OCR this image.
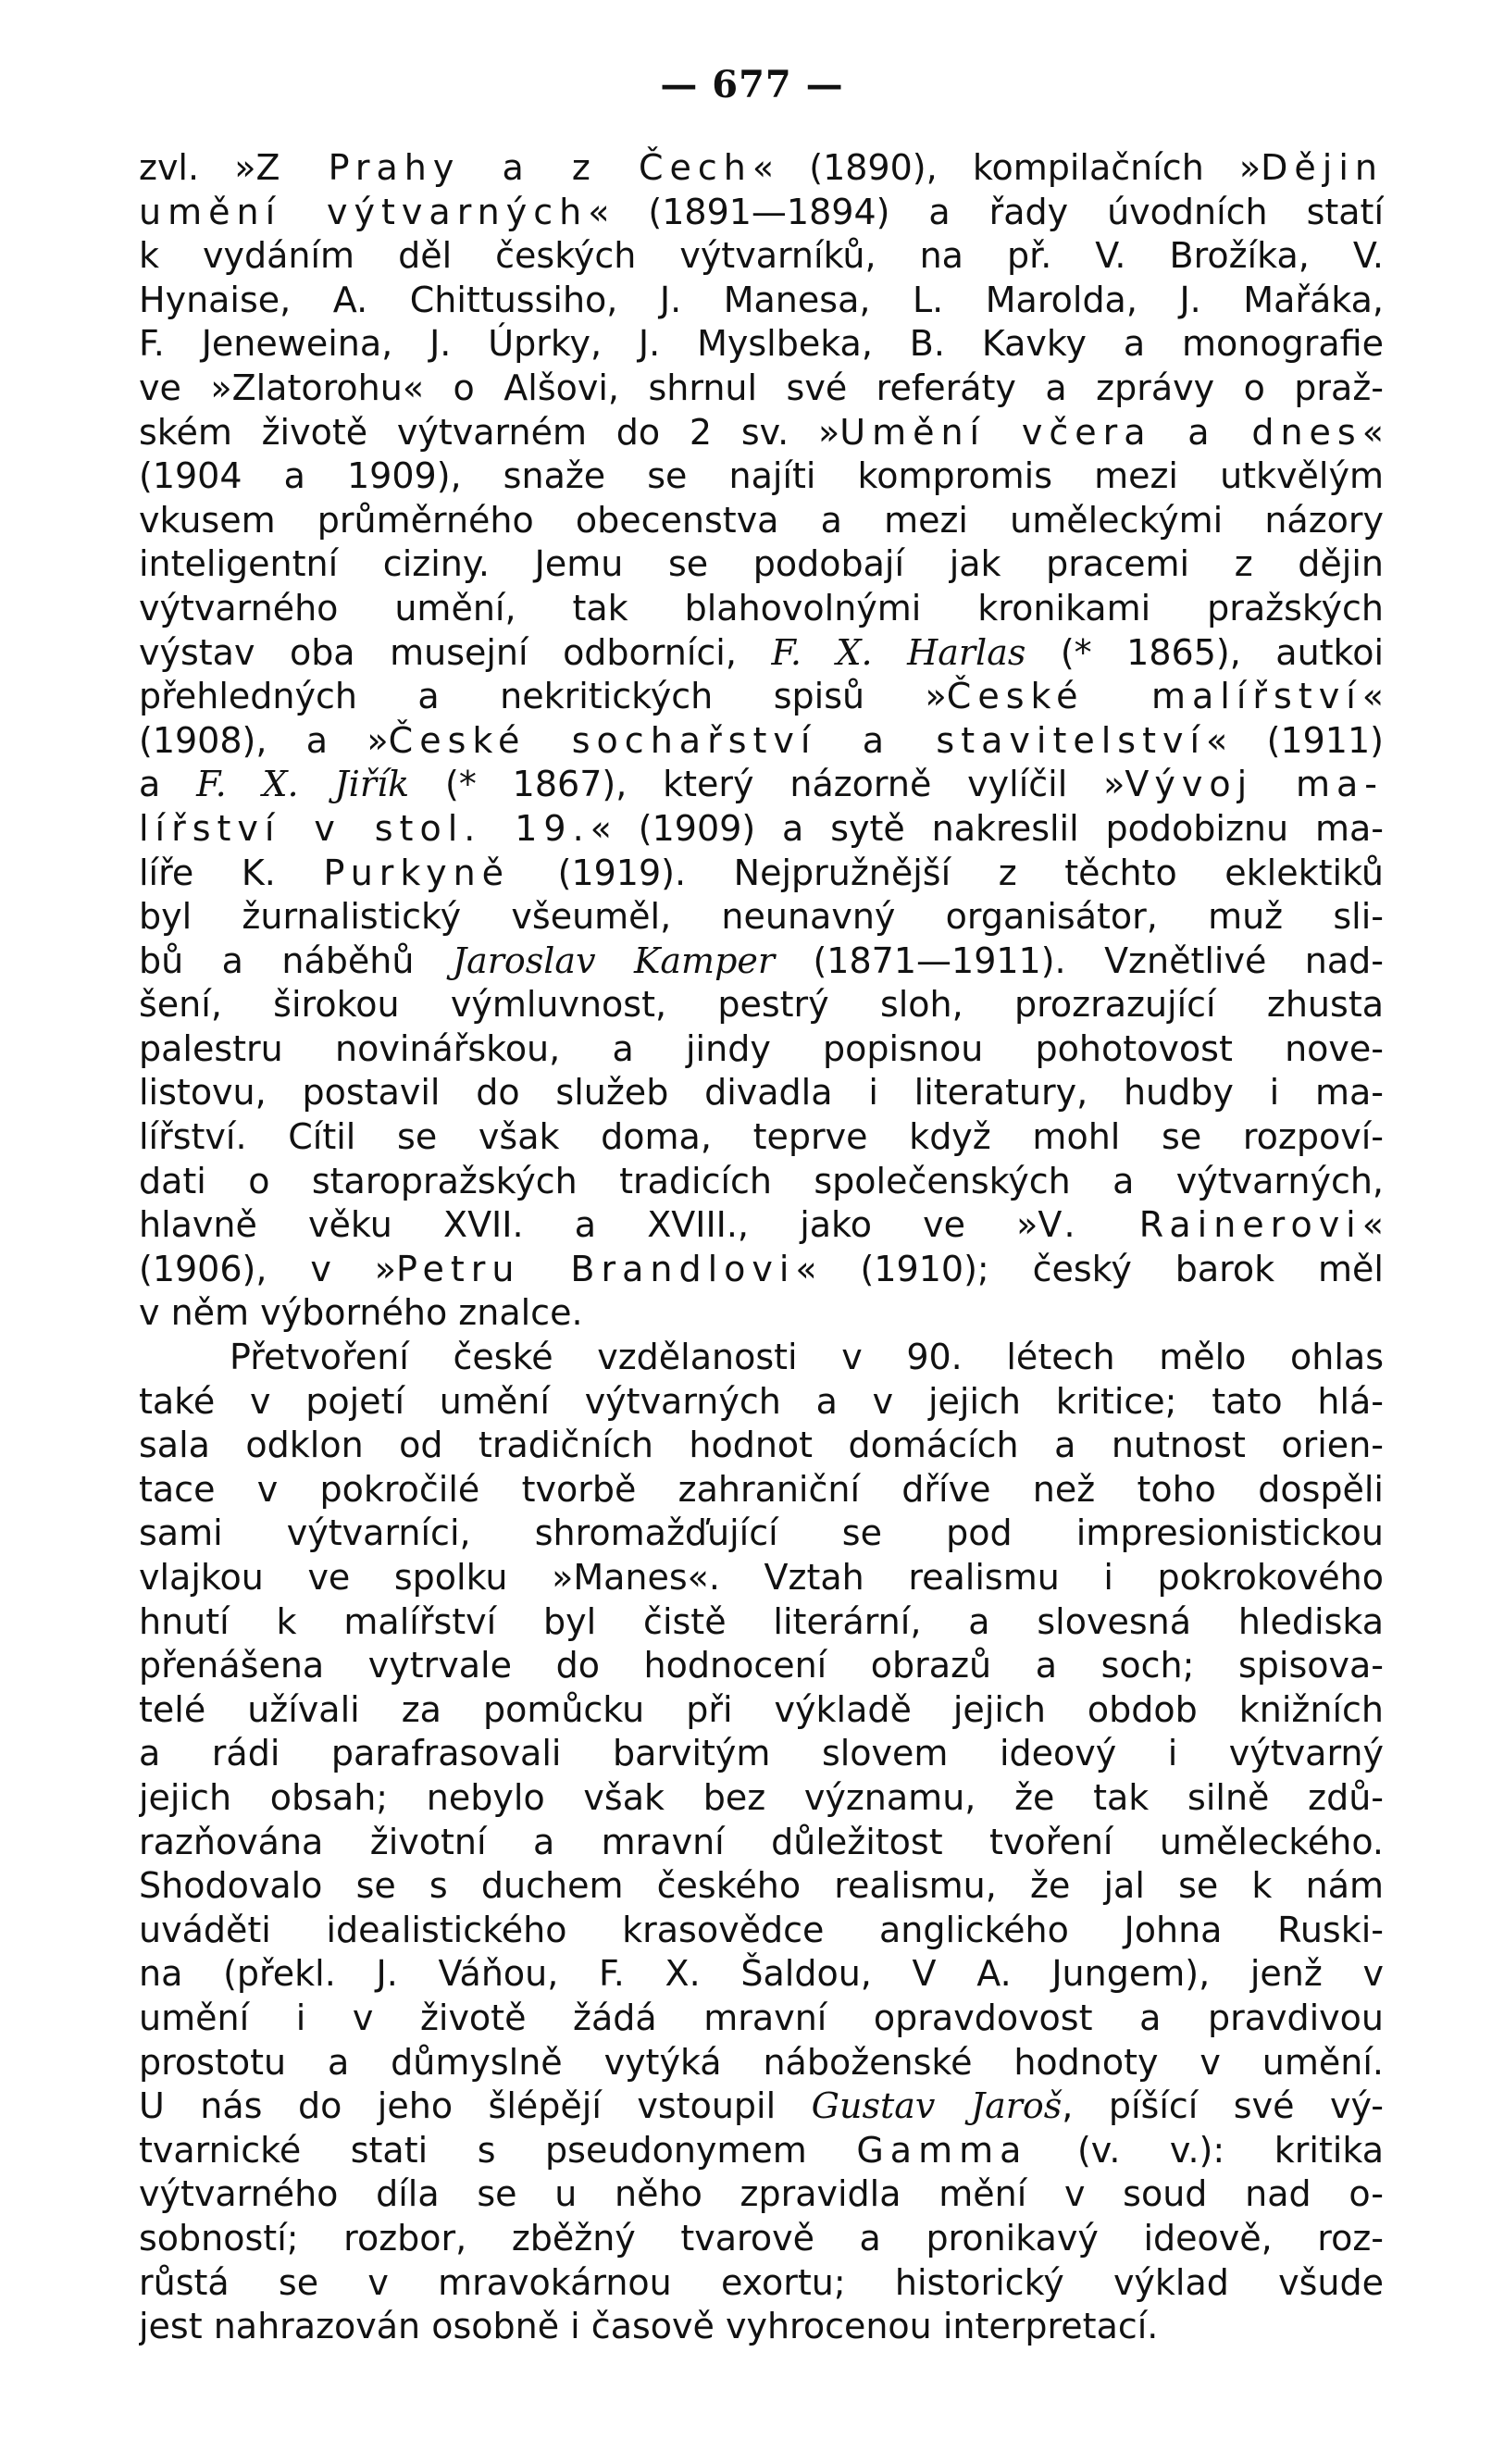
— 677 —
zvl. »Z Prahy a z Čech« (1890), kompilačních »Dějin
umění výtvarných« (1891—1894) a řady úvodních statí
k vydáním děl českých výtvarníků, na př. V. Brožíka, V.
Hynaise, A. Chittussiho, J. Manesa, L. Marolda, J. Mařáka,
F. Jeneweina, J. Úprky, J. Myslbeka, B. Kavky a monografie
ve »Zlatorohu« o Alšovi, shrnul své referáty a zprávy o praž-
ském životě výtvarném do 2 sv. »Umění včera a dnes«
(1904 a 1909), snaže se najíti kompromis mezi utkvělým
vkusem průměrného obecenstva a mezi uměleckými názory
inteligentní ciziny. Jemu se podobají jak pracemi z dějin
výtvarného umění, tak blahovolnými kronikami pražských
výstav oba musejní odborníci, F. X. Harlas (* 1865), autkoi
přehledných a nekritických spisů »České malířství«
(1908), a »České sochařství a stavitelství« (1911)
a F. X. Jiřík (* 1867), který názorně vylíčil »Vývoj ma-
lířství v stol. 19.« (1909) a sytě nakreslil podobiznu ma-
líře K. Purkyně (1919). Nejpružnější z těchto eklektiků
byl žurnalistický všeuměl, neunavný organisátor, muž sli-
bů a náběhů Jaroslav Kamper (1871—1911). Vznětlivé nad-
šení, širokou výmluvnost, pestrý sloh, prozrazující zhusta
palestru novinářskou, a jindy popisnou pohotovost nove-
listovu, postavil do služeb divadla i literatury, hudby i ma-
lířství. Cítil se však doma, teprve když mohl se rozpoví-
dati o staropražských tradicích společenských a výtvarných,
hlavně věku XVII. a XVIII., jako ve »V. Rainerovi«
(1906), v »Petru Brandlovi« (1910); český barok měl
v něm výborného znalce.
Přetvoření české vzdělanosti v 90. létech mělo ohlas
také v pojetí umění výtvarných a v jejich kritice; tato hlá-
sala odklon od tradičních hodnot domácích a nutnost orien-
tace v pokročilé tvorbě zahraniční dříve než toho dospěli
sami výtvarníci, shromažďující se pod impresionistickou
vlajkou ve spolku »Manes«. Vztah realismu i pokrokového
hnutí k malířství byl čistě literární, a slovesná hlediska
přenášena vytrvale do hodnocení obrazů a soch; spisova-
telé užívali za pomůcku při výkladě jejich obdob knižních
a rádi parafrasovali barvitým slovem ideový i výtvarný
jejich obsah; nebylo však bez významu, že tak silně zdů-
razňována životní a mravní důležitost tvoření uměleckého.
Shodovalo se s duchem českého realismu, že jal se k nám
uváděti idealistického krasovědce anglického Johna Ruski-
na (překl. J. Váňou, F. X. Šaldou, V A. Jungem), jenž v
umění i v životě žádá mravní opravdovost a pravdivou
prostotu a důmyslně vytýká náboženské hodnoty v umění.
U nás do jeho šlépějí vstoupil Gustav Jaroš, píšící své vý-
tvarnické stati s pseudonymem Gamma (v. v.): kritika
výtvarného díla se u něho zpravidla mění v soud nad o-
sobností; rozbor, zběžný tvarově a pronikavý ideově, roz-
růstá se v mravokárnou exortu; historický výklad všude
jest nahrazován osobně i časově vyhrocenou interpretací.
